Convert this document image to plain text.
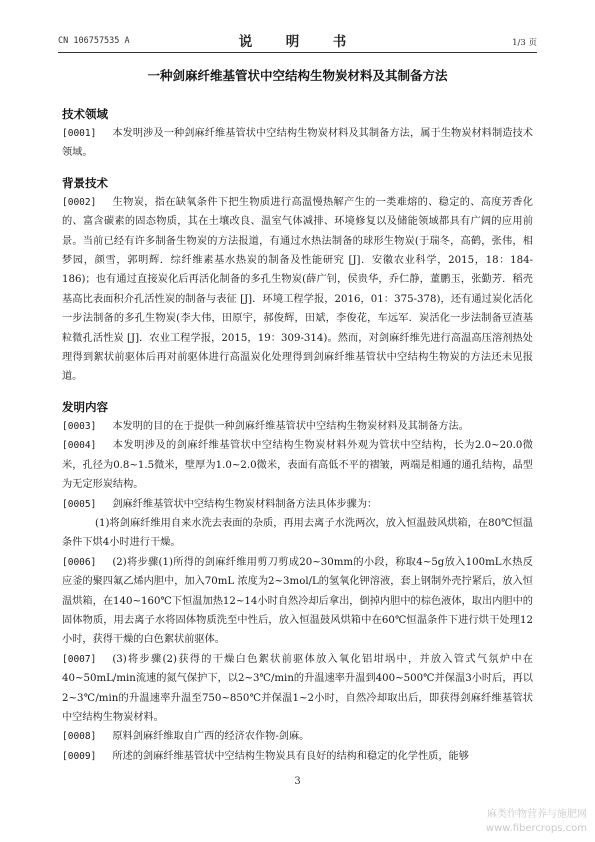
CN 106757535 A	说　明　书	1/3 页
一种剑麻纤维基管状中空结构生物炭材料及其制备方法

技术领域

[0001] 本发明涉及一种剑麻纤维基管状中空结构生物炭材料及其制备方法，属于生物炭材料制造技术领域。

背景技术

[0002] 生物炭，指在缺氧条件下把生物质进行高温慢热解产生的一类难熔的、稳定的、高度芳香化的、富含碳素的固态物质，其在土壤改良、温室气体减排、环境修复以及储能领域都具有广阔的应用前景。当前已经有许多制备生物炭的方法报道，有通过水热法制备的球形生物炭(于瑞冬，高鹤，张伟，相梦园，颜雪，郭明辉．综纤维素基水热炭的制备及性能研究 [J]．安徽农业科学，2015，18：184-186)；也有通过直接炭化后再活化制备的多孔生物炭(薛广钊，侯贵华，乔仁静，董鹏玉，张勤芳．稻壳基高比表面积介孔活性炭的制备与表征 [J]．环境工程学报，2016，01：375-378)，还有通过炭化活化一步法制备的多孔生物炭(李大伟，田原宇，郝俊辉，田斌，李俊花，车远军．炭活化一步法制备豆渣基粒微孔活性炭 [J]．农业工程学报，2015，19：309-314)。然而，对剑麻纤维先进行高温高压溶剂热处理得到絮状前驱体后再对前驱体进行高温炭化处理得到剑麻纤维基管状中空结构生物炭的方法还未见报道。

发明内容

[0003] 本发明的目的在于提供一种剑麻纤维基管状中空结构生物炭材料及其制备方法。

[0004] 本发明涉及的剑麻纤维基管状中空结构生物炭材料外观为管状中空结构，长为2.0~20.0微米，孔径为0.8~1.5微米，壁厚为1.0~2.0微米，表面有高低不平的褶皱，两端是相通的通孔结构，晶型为无定形炭结构。

[0005] 剑麻纤维基管状中空结构生物炭材料制备方法具体步骤为：

(1)将剑麻纤维用自来水洗去表面的杂质，再用去离子水洗两次，放入恒温鼓风烘箱，在80℃恒温条件下烘4小时进行干燥。

[0006] (2)将步骤(1)所得的剑麻纤维用剪刀剪成20~30mm的小段，称取4~5g放入100mL水热反应釜的聚四氟乙烯内胆中，加入70mL 浓度为2~3mol/L的氢氧化钾溶液，套上钢制外壳拧紧后，放入恒温烘箱，在140~160℃下恒温加热12~14小时自然冷却后拿出，倒掉内胆中的棕色液体，取出内胆中的固体物质，用去离子水将固体物质洗至中性后，放入恒温鼓风烘箱中在60℃恒温条件下进行烘干处理12小时，获得干燥的白色絮状前驱体。

[0007] (3)将步骤(2)获得的干燥白色絮状前驱体放入氧化铝坩埚中，并放入管式气氛炉中在40~50mL/min流速的氮气保护下，以2~3℃/min的升温速率升温到400~500℃并保温3小时后，再以2~3℃/min的升温速率升温至750~850℃并保温1~2小时，自然冷却取出后，即获得剑麻纤维基管状中空结构生物炭材料。

[0008] 原料剑麻纤维取自广西的经济农作物-剑麻。

[0009] 所述的剑麻纤维基管状中空结构生物炭具有良好的结构和稳定的化学性质，能够

3
麻类作物营养与施肥网
www.fibercrops.com
